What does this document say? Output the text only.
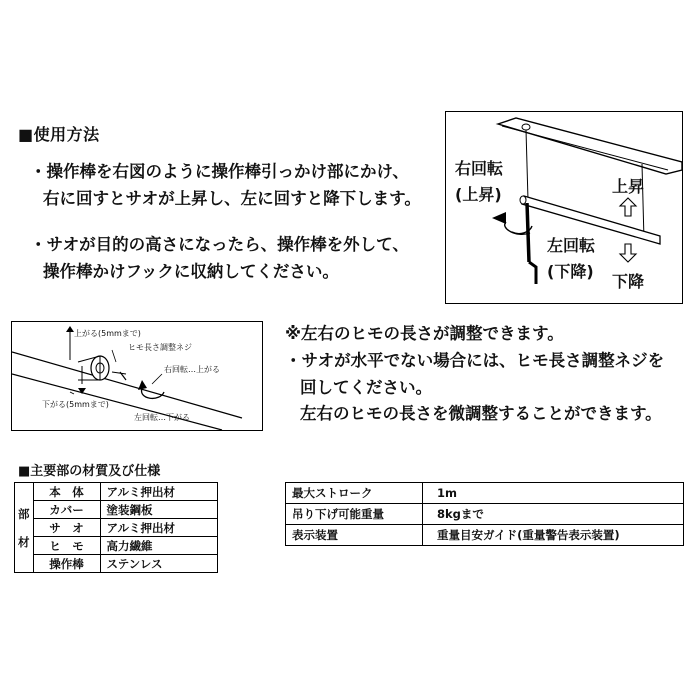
■使用方法
・操作棒を右図のように操作棒引っかけ部にかけ、
右に回すとサオが上昇し、左に回すと降下します。
・サオが目的の高さになったら、操作棒を外して、
操作棒かけフックに収納してください。
右回転
(上昇)
左回転
(下降)
上昇
下降
上がる(5mmまで)
ヒモ長さ調整ネジ
右回転…上がる
下がる(5mmまで)
左回転…下がる
※左右のヒモの長さが調整できます。
・サオが水平でない場合には、ヒモ長さ調整ネジを
回してください。
左右のヒモの長さを微調整することができます。
■主要部の材質及び仕様
部
材	本　体	アルミ押出材
	カバー	塗装鋼板
	サ　オ	アルミ押出材
	ヒ　モ	高力繊維
	操作棒	ステンレス
最大ストローク	1m
吊り下げ可能重量	8kgまで
表示装置	重量目安ガイド(重量警告表示装置)
